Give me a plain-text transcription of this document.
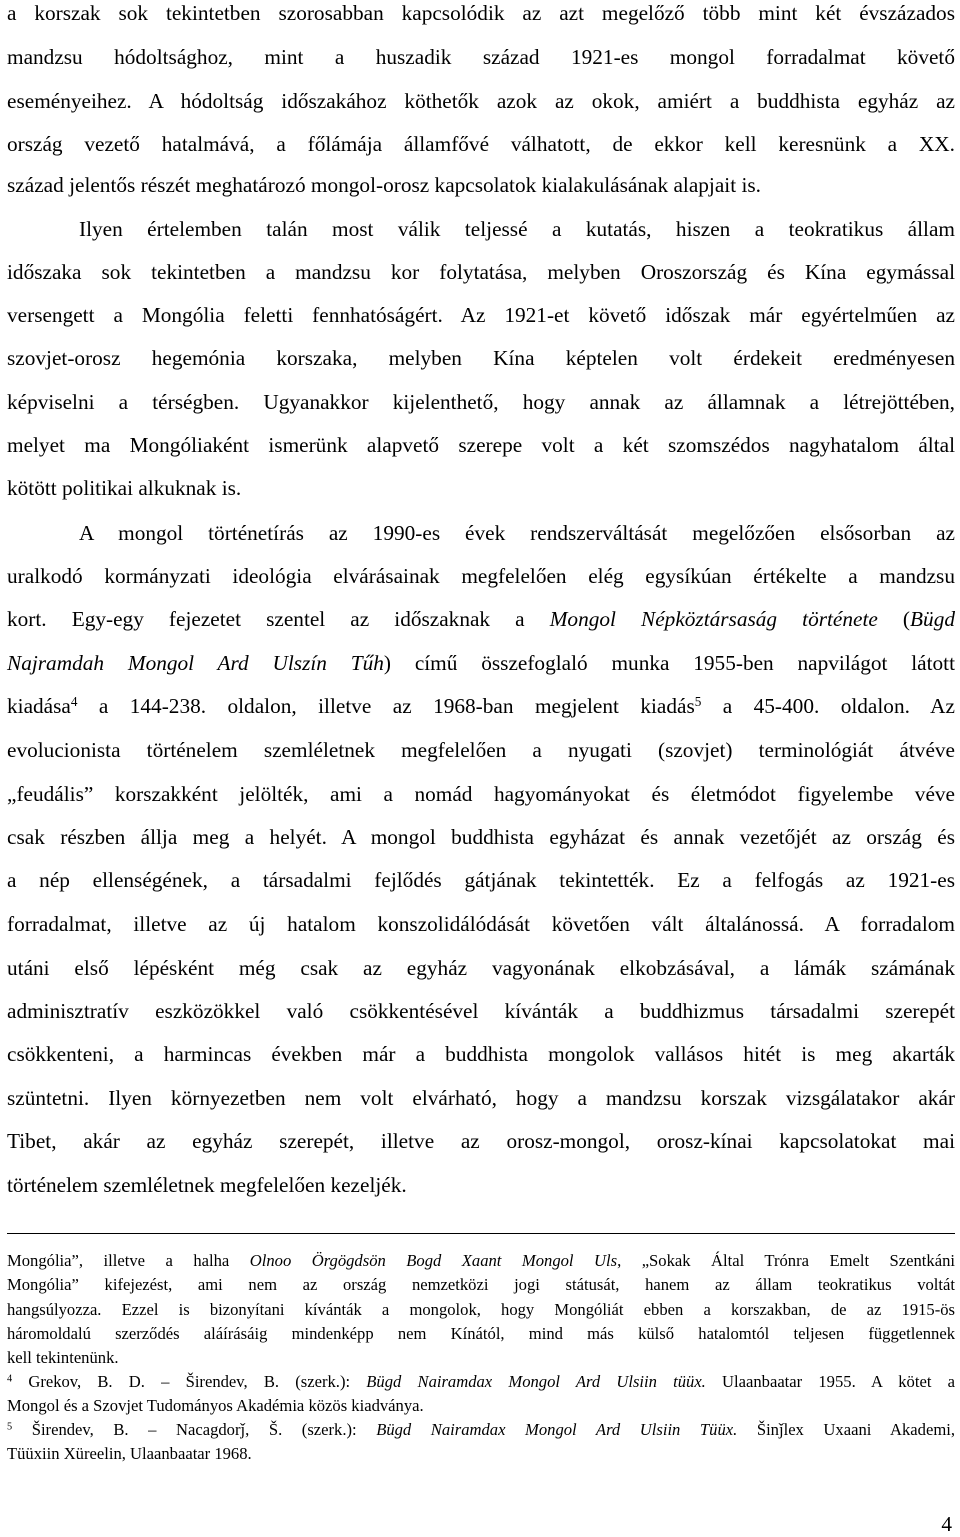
a korszak sok tekintetben szorosabban kapcsolódik az azt megelőző több mint két évszázados
mandzsu hódoltsághoz, mint a huszadik század 1921-es mongol forradalmat követő
eseményeihez. A hódoltság időszakához köthetők azok az okok, amiért a buddhista egyház az
ország vezető hatalmává, a főlámája államfővé válhatott, de ekkor kell keresnünk a XX.
század jelentős részét meghatározó mongol-orosz kapcsolatok kialakulásának alapjait is.
Ilyen értelemben talán most válik teljessé a kutatás, hiszen a teokratikus állam
időszaka sok tekintetben a mandzsu kor folytatása, melyben Oroszország és Kína egymással
versengett a Mongólia feletti fennhatóságért. Az 1921-et követő időszak már egyértelműen az
szovjet-orosz hegemónia korszaka, melyben Kína képtelen volt érdekeit eredményesen
képviselni a térségben. Ugyanakkor kijelenthető, hogy annak az államnak a létrejöttében,
melyet ma Mongóliaként ismerünk alapvető szerepe volt a két szomszédos nagyhatalom által
kötött politikai alkuknak is.
A mongol történetírás az 1990-es évek rendszerváltását megelőzően elsősorban az
uralkodó kormányzati ideológia elvárásainak megfelelően elég egysíkúan értékelte a mandzsu
kort. Egy-egy fejezetet szentel az időszaknak a Mongol Népköztársaság története (Bügd
Najramdah Mongol Ard Ulszín Tűh) című összefoglaló munka 1955-ben napvilágot látott
kiadása$^4$ a 144-238. oldalon, illetve az 1968-ban megjelent kiadás$^5$ a 45-400. oldalon. Az
evolucionista történelem szemléletnek megfelelően a nyugati (szovjet) terminológiát átvéve
„feudális” korszakként jelölték, ami a nomád hagyományokat és életmódot figyelembe véve
csak részben állja meg a helyét. A mongol buddhista egyházat és annak vezetőjét az ország és
a nép ellenségének, a társadalmi fejlődés gátjának tekintették. Ez a felfogás az 1921-es
forradalmat, illetve az új hatalom konszolidálódását követően vált általánossá. A forradalom
utáni első lépésként még csak az egyház vagyonának elkobzásával, a lámák számának
adminisztratív eszközökkel való csökkentésével kívánták a buddhizmus társadalmi szerepét
csökkenteni, a harmincas években már a buddhista mongolok vallásos hitét is meg akarták
szüntetni. Ilyen környezetben nem volt elvárható, hogy a mandzsu korszak vizsgálatakor akár
Tibet, akár az egyház szerepét, illetve az orosz-mongol, orosz-kínai kapcsolatokat mai
történelem szemléletnek megfelelően kezeljék.
Mongólia”, illetve a halha Olnoo Örgögdsön Bogd Xaant Mongol Uls, „Sokak Által Trónra Emelt Szentkáni
Mongólia” kifejezést, ami nem az ország nemzetközi jogi státusát, hanem az állam teokratikus voltát
hangsúlyozza. Ezzel is bizonyítani kívánták a mongolok, hogy Mongóliát ebben a korszakban, de az 1915-ös
háromoldalú szerződés aláírásáig mindenképp nem Kínától, mind más külső hatalomtól teljesen függetlennek
kell tekintenünk.
$^4$ Grekov, B. D. – Širendev, B. (szerk.): Bügd Nairamdax Mongol Ard Ulsiin tüüx. Ulaanbaatar 1955. A kötet a
Mongol és a Szovjet Tudományos Akadémia közös kiadványa.
$^5$ Širendev, B. – Nacagdorǰ, Š. (szerk.): Bügd Nairamdax Mongol Ard Ulsiin Tüüx. Šinǰlex Uxaani Akademi,
Tüüxiin Xüreelin, Ulaanbaatar 1968.
4
